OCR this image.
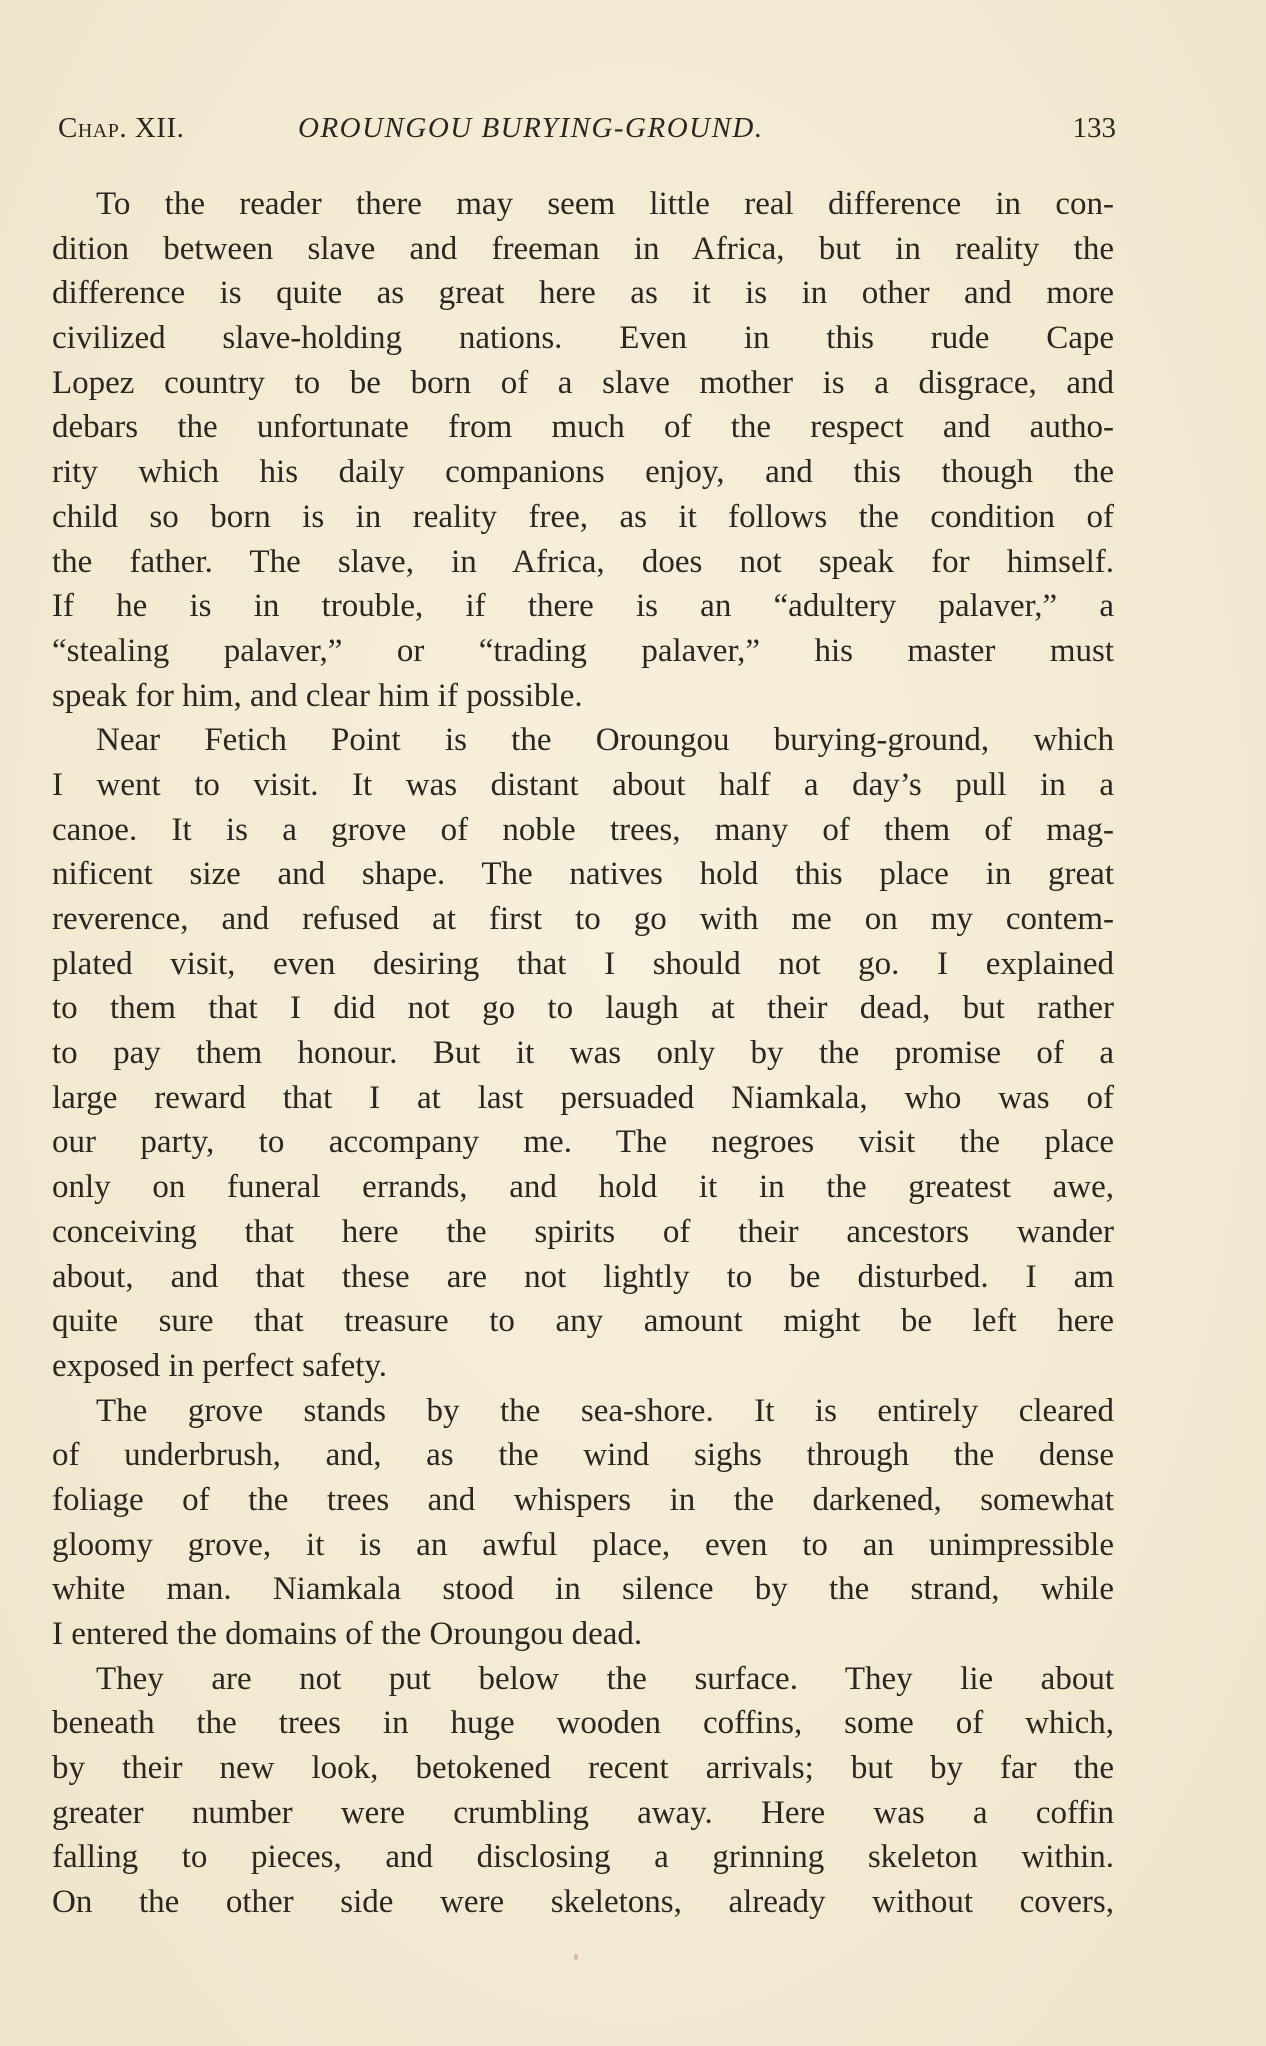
Chap. XII.	OROUNGOU BURYING-GROUND.	133
To the reader there may seem little real difference in con-
dition between slave and freeman in Africa, but in reality the
difference is quite as great here as it is in other and more
civilized slave-holding nations. Even in this rude Cape
Lopez country to be born of a slave mother is a disgrace, and
debars the unfortunate from much of the respect and autho-
rity which his daily companions enjoy, and this though the
child so born is in reality free, as it follows the condition of
the father. The slave, in Africa, does not speak for himself.
If he is in trouble, if there is an “adultery palaver,” a
“stealing palaver,” or “trading palaver,” his master must
speak for him, and clear him if possible.
Near Fetich Point is the Oroungou burying-ground, which
I went to visit. It was distant about half a day’s pull in a
canoe. It is a grove of noble trees, many of them of mag-
nificent size and shape. The natives hold this place in great
reverence, and refused at first to go with me on my contem-
plated visit, even desiring that I should not go. I explained
to them that I did not go to laugh at their dead, but rather
to pay them honour. But it was only by the promise of a
large reward that I at last persuaded Niamkala, who was of
our party, to accompany me. The negroes visit the place
only on funeral errands, and hold it in the greatest awe,
conceiving that here the spirits of their ancestors wander
about, and that these are not lightly to be disturbed. I am
quite sure that treasure to any amount might be left here
exposed in perfect safety.
The grove stands by the sea-shore. It is entirely cleared
of underbrush, and, as the wind sighs through the dense
foliage of the trees and whispers in the darkened, somewhat
gloomy grove, it is an awful place, even to an unimpressible
white man. Niamkala stood in silence by the strand, while
I entered the domains of the Oroungou dead.
They are not put below the surface. They lie about
beneath the trees in huge wooden coffins, some of which,
by their new look, betokened recent arrivals; but by far the
greater number were crumbling away. Here was a coffin
falling to pieces, and disclosing a grinning skeleton within.
On the other side were skeletons, already without covers,
